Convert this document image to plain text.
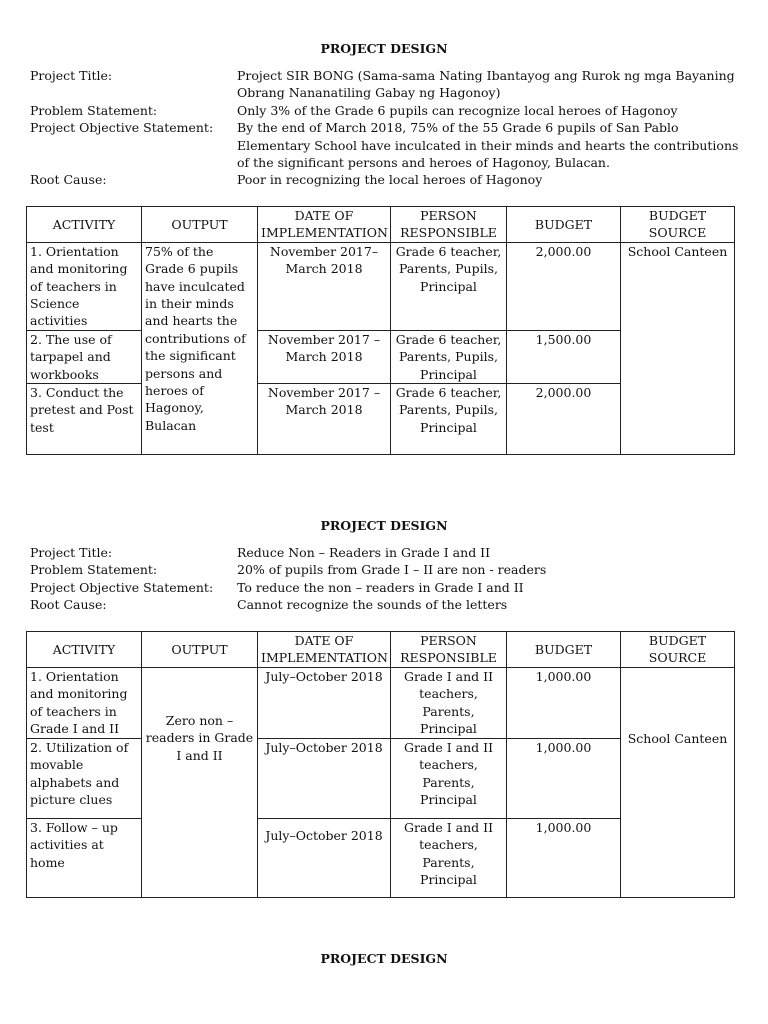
PROJECT DESIGN
Project Title:	Project SIR BONG (Sama-sama Nating Ibantayog ang Rurok ng mga Bayaning Obrang Nananatiling Gabay ng Hagonoy)
Problem Statement:	Only 3% of the Grade 6 pupils can recognize local heroes of Hagonoy
Project Objective Statement:	By the end of March 2018, 75% of the 55 Grade 6 pupils of San Pablo Elementary School have inculcated in their minds and hearts the contributions of the significant persons and heroes of Hagonoy, Bulacan.
Root Cause:	Poor in recognizing the local heroes of Hagonoy
ACTIVITY	OUTPUT	DATE OF IMPLEMENTATION	PERSON RESPONSIBLE	BUDGET	BUDGET SOURCE
1. Orientation and monitoring of teachers in Science activities	75% of the Grade 6 pupils have inculcated in their minds and hearts the contributions of the significant persons and heroes of Hagonoy, Bulacan	November 2017– March 2018	Grade 6 teacher, Parents, Pupils, Principal	2,000.00	School Canteen
2. The use of tarpapel and workbooks		November 2017 – March 2018	Grade 6 teacher, Parents, Pupils, Principal	1,500.00	
3. Conduct the pretest and Post test		November 2017 – March 2018	Grade 6 teacher, Parents, Pupils, Principal	2,000.00	
PROJECT DESIGN
Project Title:	Reduce Non – Readers in Grade I and II
Problem Statement:	20% of pupils from Grade I – II are non - readers
Project Objective Statement:	To reduce the non – readers in Grade I and II
Root Cause:	Cannot recognize the sounds of the letters
ACTIVITY	OUTPUT	DATE OF IMPLEMENTATION	PERSON RESPONSIBLE	BUDGET	BUDGET SOURCE
1. Orientation and monitoring of teachers in Grade I and II	Zero non – readers in Grade I and II	July–October 2018	Grade I and II teachers, Parents, Principal	1,000.00	School Canteen
2. Utilization of movable alphabets and picture clues		July–October 2018	Grade I and II teachers, Parents, Principal	1,000.00	
3. Follow – up activities at home		July–October 2018	Grade I and II teachers, Parents, Principal	1,000.00	
PROJECT DESIGN
